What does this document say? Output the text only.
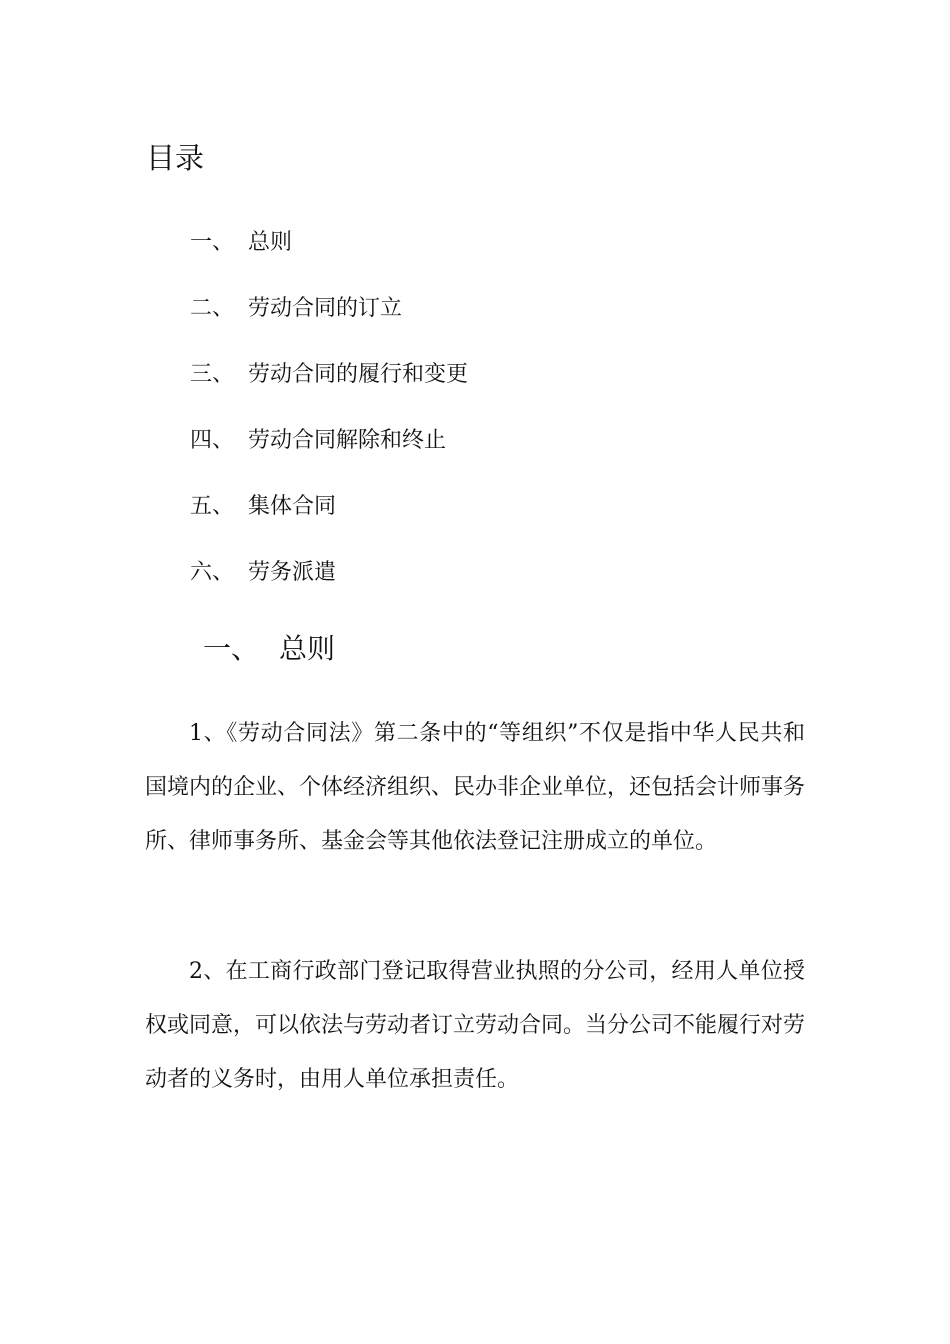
目录
一、 总则
二、 劳动合同的订立
三、 劳动合同的履行和变更
四、 劳动合同解除和终止
五、 集体合同
六、 劳务派遣
一、 总则

1、《劳动合同法》第二条中的“等组织”不仅是指中华人民共和国境内的企业、个体经济组织、民办非企业单位，还包括会计师事务所、律师事务所、基金会等其他依法登记注册成立的单位。

2、在工商行政部门登记取得营业执照的分公司，经用人单位授权或同意，可以依法与劳动者订立劳动合同。当分公司不能履行对劳动者的义务时，由用人单位承担责任。
